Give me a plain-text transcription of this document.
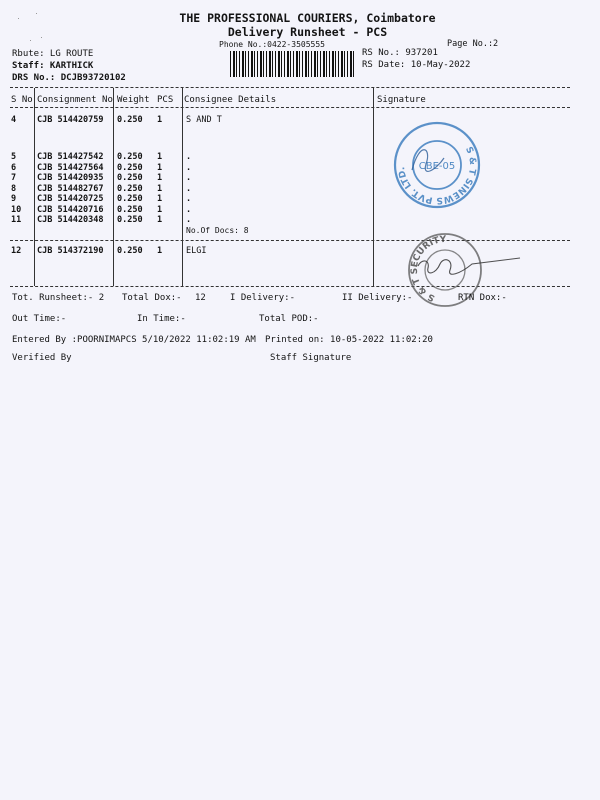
THE PROFESSIONAL COURIERS, Coimbatore
Delivery Runsheet - PCS
Phone No.:0422-3505555	Page No.:2
Rbute: LG ROUTE
Staff: KARTHICK
DRS No.: DCJB93720102
RS No.: 937201
RS Date: 10-May-2022
S No Consignment No Weight PCS Consignee Details	Signature
4 CJB 514420759 0.250 1	S AND T
5 CJB 514427542 0.250 1	.
6 CJB 514427564 0.250 1	.
7 CJB 514420935 0.250 1	.
8 CJB 514482767 0.250 1	.
9 CJB 514420725 0.250 1	.
10 CJB 514420716 0.250 1	.
11 CJB 514420348 0.250 1	.
No.Of Docs: 8
12 CJB 514372190 0.250 1	ELGI
S & T SINEWS PVT. LTD.	CBE-05
S & T SECURITY
Tot. Runsheet:- 2 Total Dox:- 12	I Delivery:-	II Delivery:-	RTN Dox:-
Out Time:-	In Time:-	Total POD:-
Entered By :POORNIMAPCS 5/10/2022 11:02:19 AM Printed on: 10-05-2022 11:02:20
Verified By	Staff Signature
